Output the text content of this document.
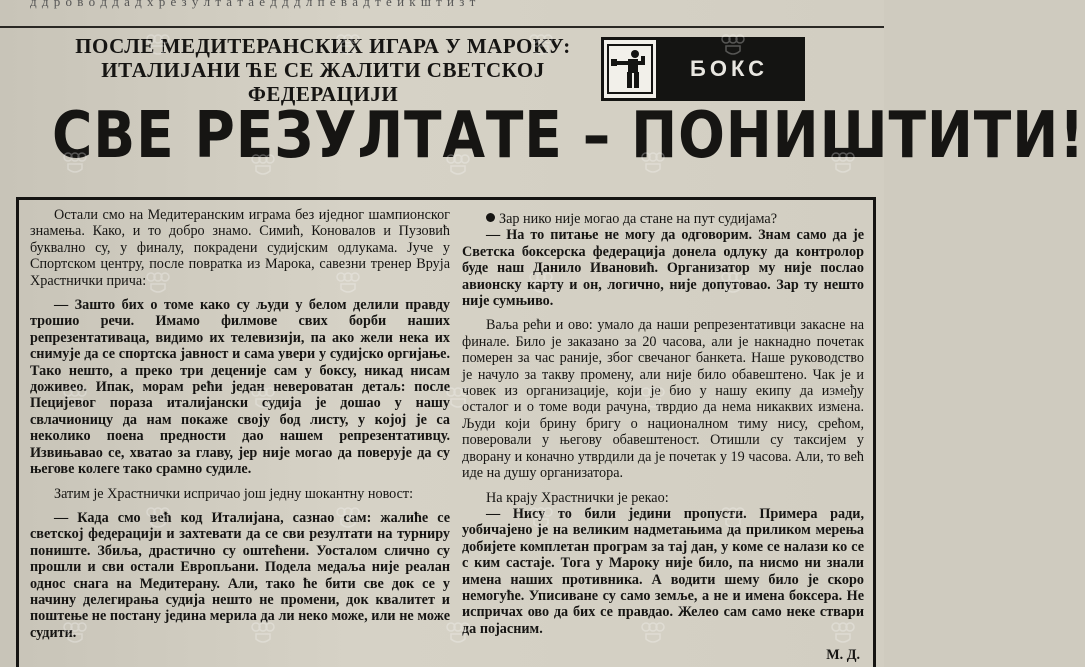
д д р о в о д д а д х р е з у л т а т а е д д д л п е в а д т е и к ш т и з т
ПОСЛЕ МЕДИТЕРАНСКИХ ИГАРА У МАРОКУ:
ИТАЛИЈАНИ ЋЕ СЕ ЖАЛИТИ СВЕТСКОЈ ФЕДЕРАЦИЈИ
БОКС
СВЕ РЕЗУЛТАТЕ – ПОНИШТИТИ!

Остали смо на Медитеранским играма без иједнoг шампионског знамења. Како, и то добро знамо. Симић, Коновалов и Пузовић буквално су, у финалу, покрадени судијским одлукама. Јуче у Спортском центру, после повратка из Марока, савезни тренер Вруја Храстнички прича:

— Зашто бих о томе како су људи у белом делили правду трошио речи. Имамо филмове свих борби наших репрезентативаца, видимо их телевизији, па ако жели нека их снимује да се спортска јавност и сама увери у судијско оргијање. Тако нешто, а преко три деценије сам у боксу, никад нисам доживео. Ипак, морам рећи један невероватан детаљ: после Пецијевог пораза италијански судија је дошао у нашу свлачионицу да нам покаже своју бод листу, у којој је са неколико поена предности дао нашем репрезентативцу. Извињавао се, хватао за главу, јер није могао да поверује да су његове колеге тако срамно судиле.

Затим је Храстнички испричао још једну шокантну новост:

— Када смо већ код Италијана, сазнао сам: жалиће се светској федерацији и захтевати да се сви резултати на турниру пониште. Збиља, драстично су оштећени. Уосталом слично су прошли и сви остали Европљани. Подела медаља није реалан однос снага на Медитерану. Али, тако ће бити све док се у начину делегирања судија нешто не промени, док квалитет и поштење не постану једина мерила да ли неко може, или не може судити.

Зар нико није могао да стане на пут судијама?

— На то питање не могу да одговорим. Знам само да је Светска боксерска федерација донела одлуку да контролор буде наш Данило Ивановић. Организатор му није послао авионску карту и он, логично, није допутовао. Зар ту нешто није сумњиво.

Ваља рећи и ово: умало да наши репрезентативци закасне на финале. Било је заказано за 20 часова, али је накнадно почетак померен за час раније, због свечаног банкета. Наше руководство је начуло за такву промену, али није било обавештено. Чак је и човек из организације, који је био у нашу екипу да између осталог и о томе води рачуна, тврдио да нема никаквих измена. Људи који брину бригу о националном тиму нису, срећом, поверовали у његову обавештеност. Отишли су таксијем у дворану и коначно утврдили да је почетак у 19 часова. Али, то већ иде на душу организатора.

На крају Храстнички је рекао:

— Нису то били једини пропусти. Примера ради, уобичајено је на великим надметањима да приликом мерења добијете комплетан програм за тај дан, у коме се налази ко се с ким састаје. Тога у Мароку није било, па нисмо ни знали имена наших противника. А водити шему било је скоро немогуће. Уписиване су само земље, а не и имена боксера. Не испричах ово да бих се правдао. Желео сам само неке ствари да појасним.

М. Д.
